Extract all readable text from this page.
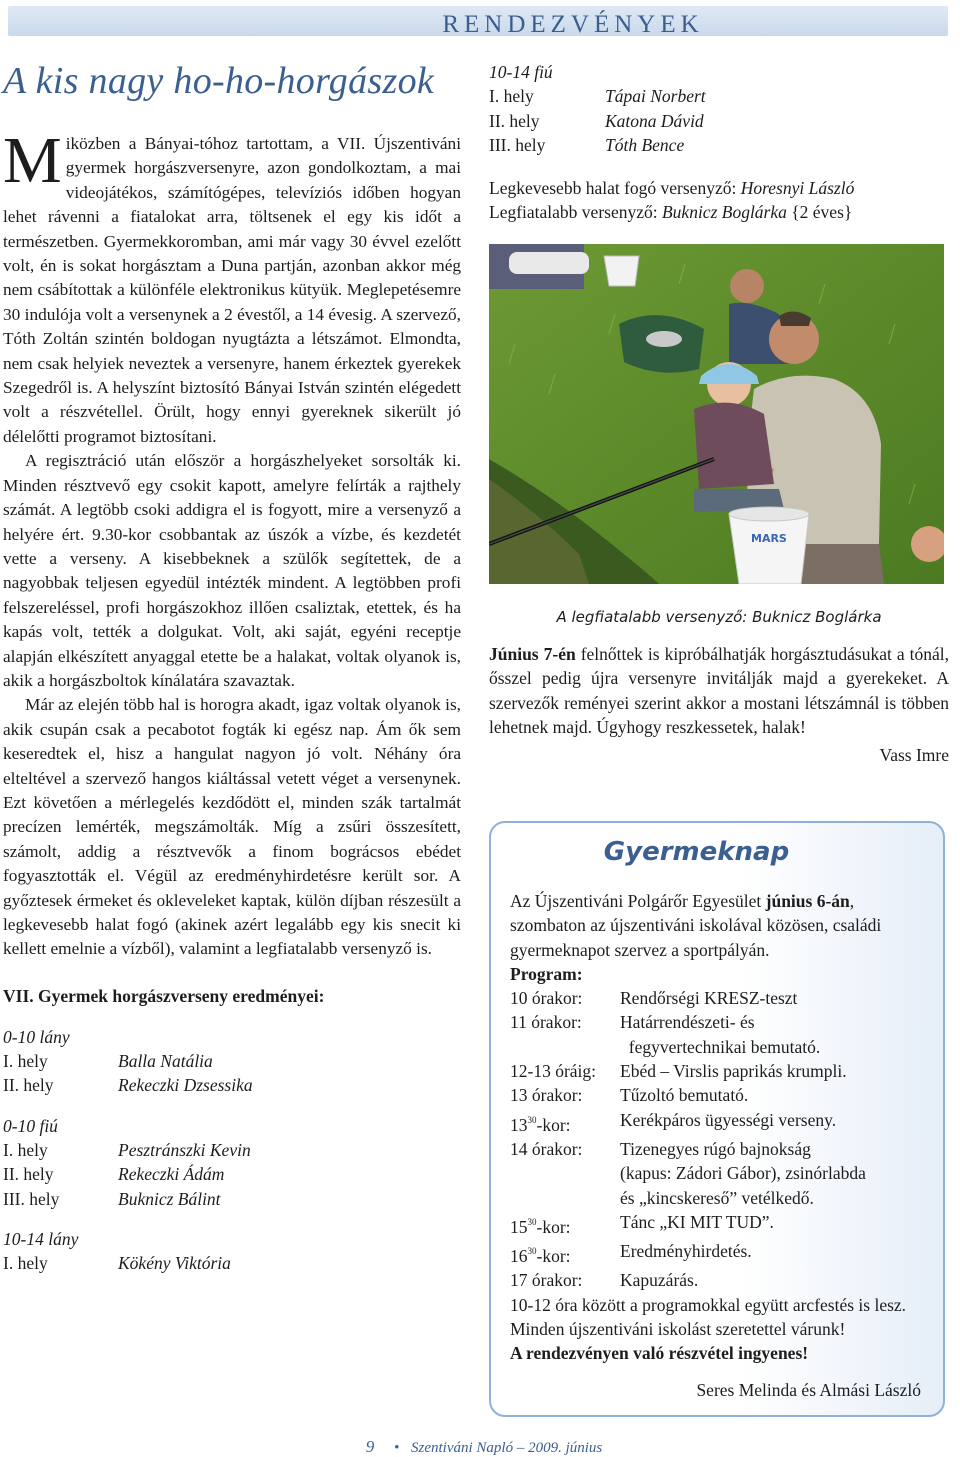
RENDEZVÉNYEK
A kis nagy ho-ho-horgászok

Miközben a Bányai-tóhoz tartottam, a VII. Újszentiváni gyermek horgászversenyre, azon gondolkoztam, a mai videojátékos, számítógépes, televíziós időben hogyan lehet rávenni a fiatalokat arra, töltsenek el egy kis időt a természetben. Gyermekkoromban, ami már vagy 30 évvel ezelőtt volt, én is sokat horgásztam a Duna partján, azonban akkor még nem csábítottak a különféle elektronikus kütyük. Meglepetésemre 30 indulója volt a versenynek a 2 évestől, a 14 évesig. A szervező, Tóth Zoltán szintén boldogan nyugtázta a létszámot. Elmondta, nem csak helyiek neveztek a versenyre, hanem érkeztek gyerekek Szegedről is. A helyszínt biztosító Bányai István szintén elégedett volt a részvétellel. Örült, hogy ennyi gyereknek sikerült jó délelőtti programot biztosítani.

A regisztráció után először a horgászhelyeket sorsolták ki. Minden résztvevő egy csokit kapott, amelyre felírták a rajthely számát. A legtöbb csoki addigra el is fogyott, mire a versenyző a helyére ért. 9.30-kor csobbantak az úszók a vízbe, és kezdetét vette a verseny. A kisebbeknek a szülők segítettek, de a nagyobbak teljesen egyedül intézték mindent. A legtöbben profi felszereléssel, profi horgászokhoz illően csaliztak, etettek, és ha kapás volt, tették a dolgukat. Volt, aki saját, egyéni receptje alapján elkészített anyaggal etette be a halakat, voltak olyanok is, akik a horgászboltok kínálatára szavaztak.

Már az elején több hal is horogra akadt, igaz voltak olyanok is, akik csupán csak a pecabotot fogták ki egész nap. Ám ők sem keseredtek el, hisz a hangulat nagyon jó volt. Néhány óra elteltével a szervező hangos kiáltással vetett véget a versenynek. Ezt követően a mérlegelés kezdődött el, minden szák tartalmát precízen lemérték, megszámolták. Míg a zsűri összesített, számolt, addig a résztvevők a finom bográcsos ebédet fogyasztották el. Végül az eredményhirdetésre került sor. A győztesek érmeket és okleveleket kaptak, külön díjban részesült a legkevesebb halat fogó (akinek azért legalább egy kis snecit ki kellett emelnie a vízből), valamint a legfiatalabb versenyző is.

VII. Gyermek horgászverseny eredményei:
0-10 lány
I. hely	Balla Natália
II. hely	Rekeczki Dzsessika
0-10 fiú
I. hely	Pesztránszki Kevin
II. hely	Rekeczki Ádám
III. hely	Buknicz Bálint
10-14 lány
I. hely	Kökény Viktória
10-14 fiú
I. hely	Tápai Norbert
II. hely	Katona Dávid
III. hely	Tóth Bence
Legkevesebb halat fogó versenyző: Horesnyi László
Legfiatalabb versenyző: Buknicz Boglárka {2 éves}
MARS
A legfiatalabb versenyző: Buknicz Boglárka
Június 7-én felnőttek is kipróbálhatják horgásztudásukat a tónál, ősszel pedig újra versenyre invitálják majd a gyerekeket. A szervezők reményei szerint akkor a mostani létszámnál is többen lehetnek majd. Úgyhogy reszkessetek, halak!
Vass Imre
Gyermeknap
Az Újszentiváni Polgárőr Egyesület június 6-án, szombaton az újszentiváni iskolával közösen, családi gyermeknapot szervez a sportpályán.
Program:
10 órakor:	Rendőrségi KRESZ-teszt
11 órakor:	Határrendészeti- és
fegyvertechnikai bemutató.
12-13 óráig:	Ebéd – Virslis paprikás krumpli.
13 órakor:	Tűzoltó bemutató.
$13^{30}$-kor:	Kerékpáros ügyességi verseny.
14 órakor:	Tizenegyes rúgó bajnokság
(kapus: Zádori Gábor), zsinórlabda
és „kincskereső” vetélkedő.
$15^{30}$-kor:	Tánc „KI MIT TUD”.
$16^{30}$-kor:	Eredményhirdetés.
17 órakor:	Kapuzárás.
10-12 óra között a programokkal együtt arcfestés is lesz.
Minden újszentiváni iskolást szeretettel várunk!
A rendezvényen való részvétel ingyenes!
Seres Melinda és Almási László
9 • Szentiváni Napló – 2009. június
